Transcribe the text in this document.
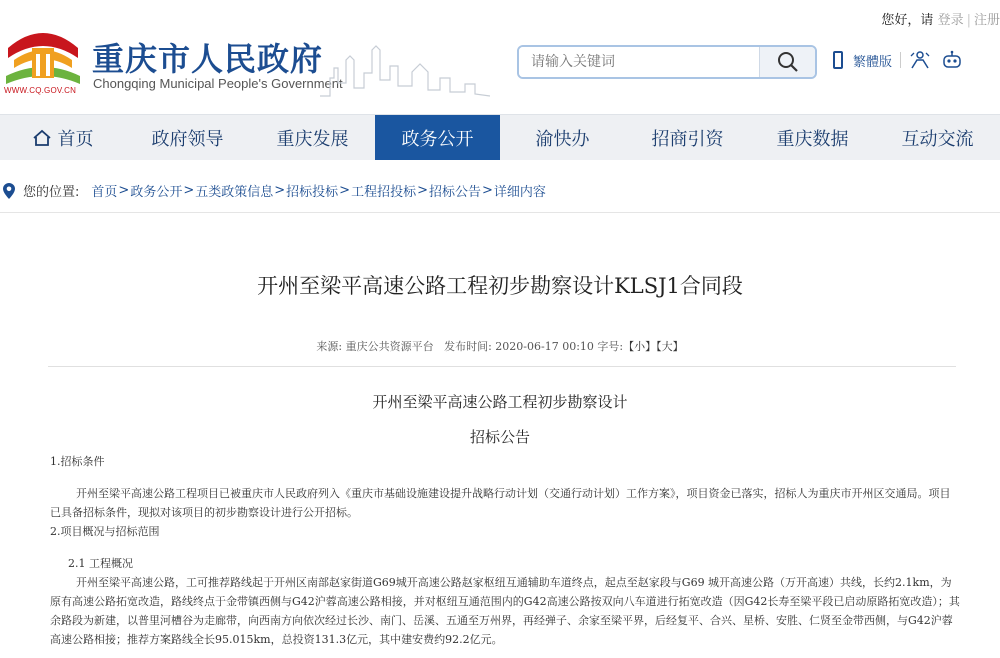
WWW.CQ.GOV.CN
重庆市人民政府
Chongqing Municipal People's Government
请输入关键词
繁體版
您好，请 登录 | 注册
首页	政府领导	重庆发展	政务公开	渝快办	招商引资	重庆数据	互动交流
您的位置: 首页 > 政务公开 > 五类政策信息 > 招标投标 > 工程招投标 > 招标公告 > 详细内容
开州至梁平高速公路工程初步勘察设计KLSJ1合同段
来源: 重庆公共资源平台 发布时间: 2020-06-17 00:10 字号:【小】【大】
开州至梁平高速公路工程初步勘察设计
招标公告
1.招标条件
开州至梁平高速公路工程项目已被重庆市人民政府列入《重庆市基础设施建设提升战略行动计划（交通行动计划）工作方案》，项目资金已落实，招标人为重庆市开州区交通局。项目已具备招标条件，现拟对该项目的初步勘察设计进行公开招标。
2.项目概况与招标范围
2.1 工程概况
开州至梁平高速公路，工可推荐路线起于开州区南部赵家街道G69城开高速公路赵家枢纽互通辅助车道终点，起点至赵家段与G69 城开高速公路（万开高速）共线，长约2.1km，为原有高速公路拓宽改造，路线终点于金带镇西侧与G42沪蓉高速公路相接，并对枢纽互通范围内的G42高速公路按双向八车道进行拓宽改造（因G42长寿至梁平段已启动原路拓宽改造）；其余路段为新建，以普里河槽谷为走廊带，向西南方向依次经过长沙、南门、岳溪、五通至万州界，再经弹子、余家至梁平界，后经复平、合兴、星桥、安胜、仁贤至金带西侧，与G42沪蓉高速公路相接；推荐方案路线全长95.015km，总投资131.3亿元，其中建安费约92.2亿元。
